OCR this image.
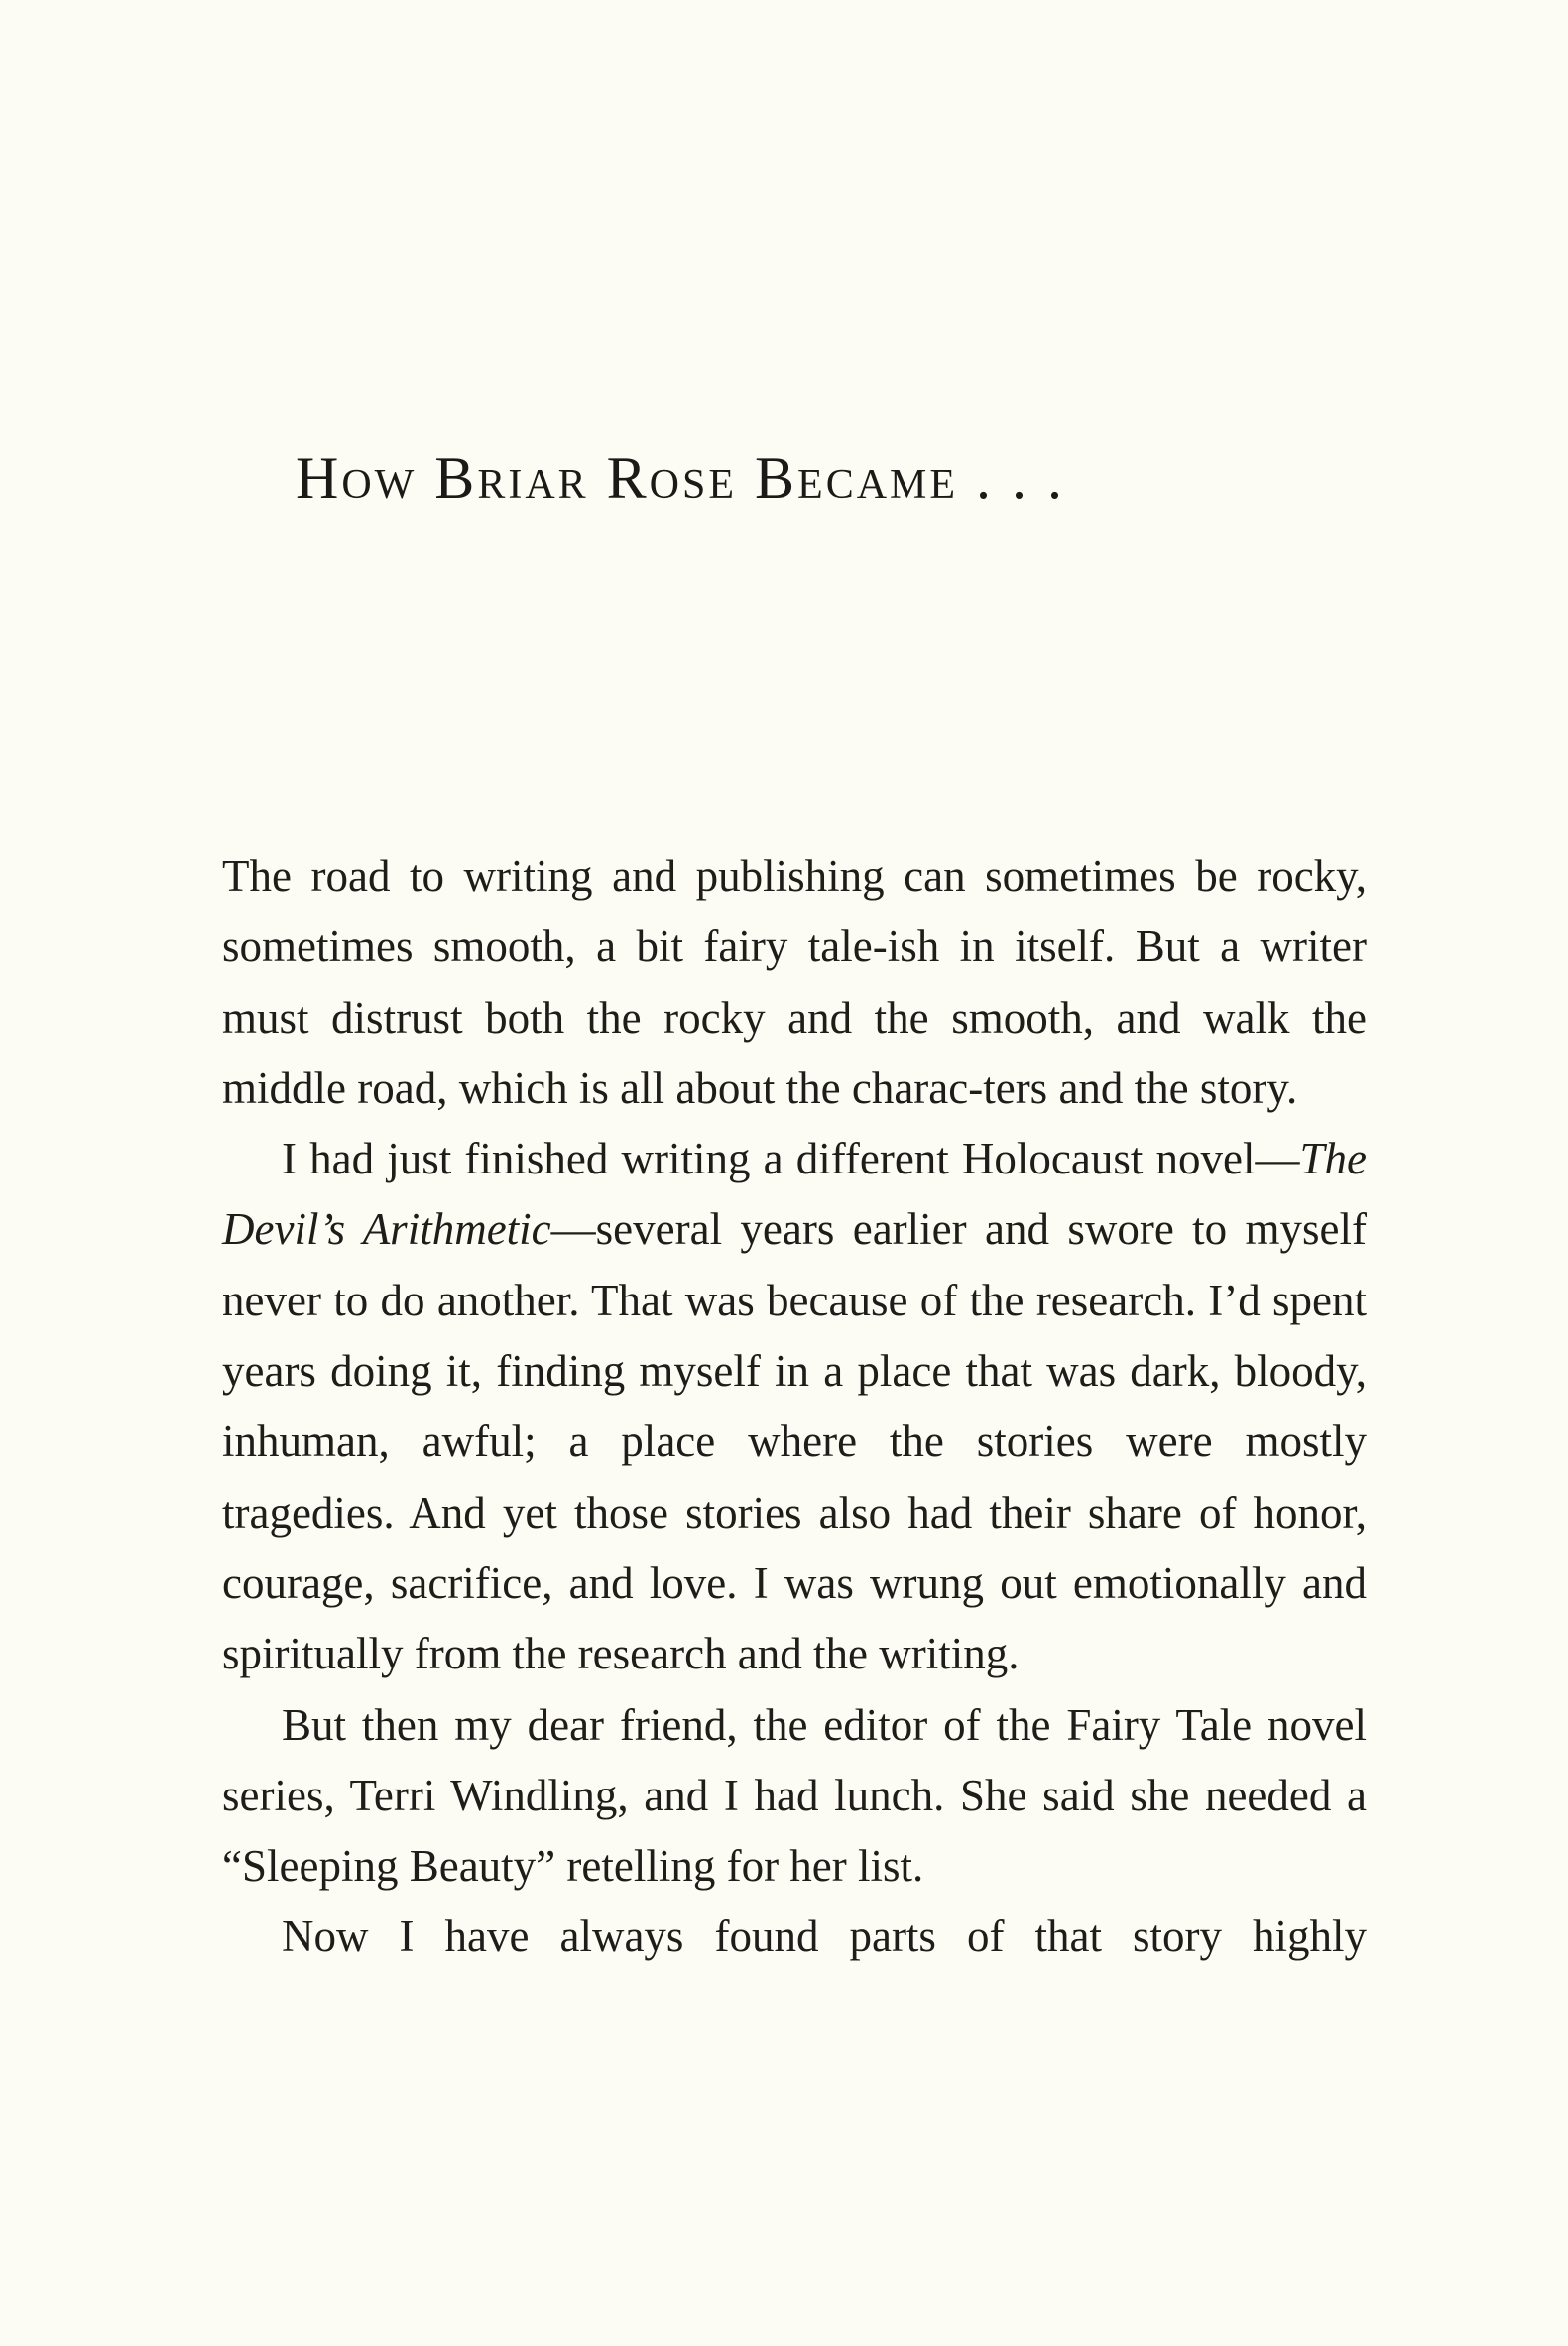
How Briar Rose Became . . .

The road to writing and publishing can sometimes be rocky, sometimes smooth, a bit fairy tale-ish in itself. But a writer must distrust both the rocky and the smooth, and walk the middle road, which is all about the charac-ters and the story.

I had just finished writing a different Holocaust novel—The Devil’s Arithmetic—several years earlier and swore to myself never to do another. That was because of the research. I’d spent years doing it, finding myself in a place that was dark, bloody, inhuman, awful; a place where the stories were mostly tragedies. And yet those stories also had their share of honor, courage, sacrifice, and love. I was wrung out emotionally and spiritually from the research and the writing.

But then my dear friend, the editor of the Fairy Tale novel series, Terri Windling, and I had lunch. She said she needed a “Sleeping Beauty” retelling for her list.

Now I have always found parts of that story highly
